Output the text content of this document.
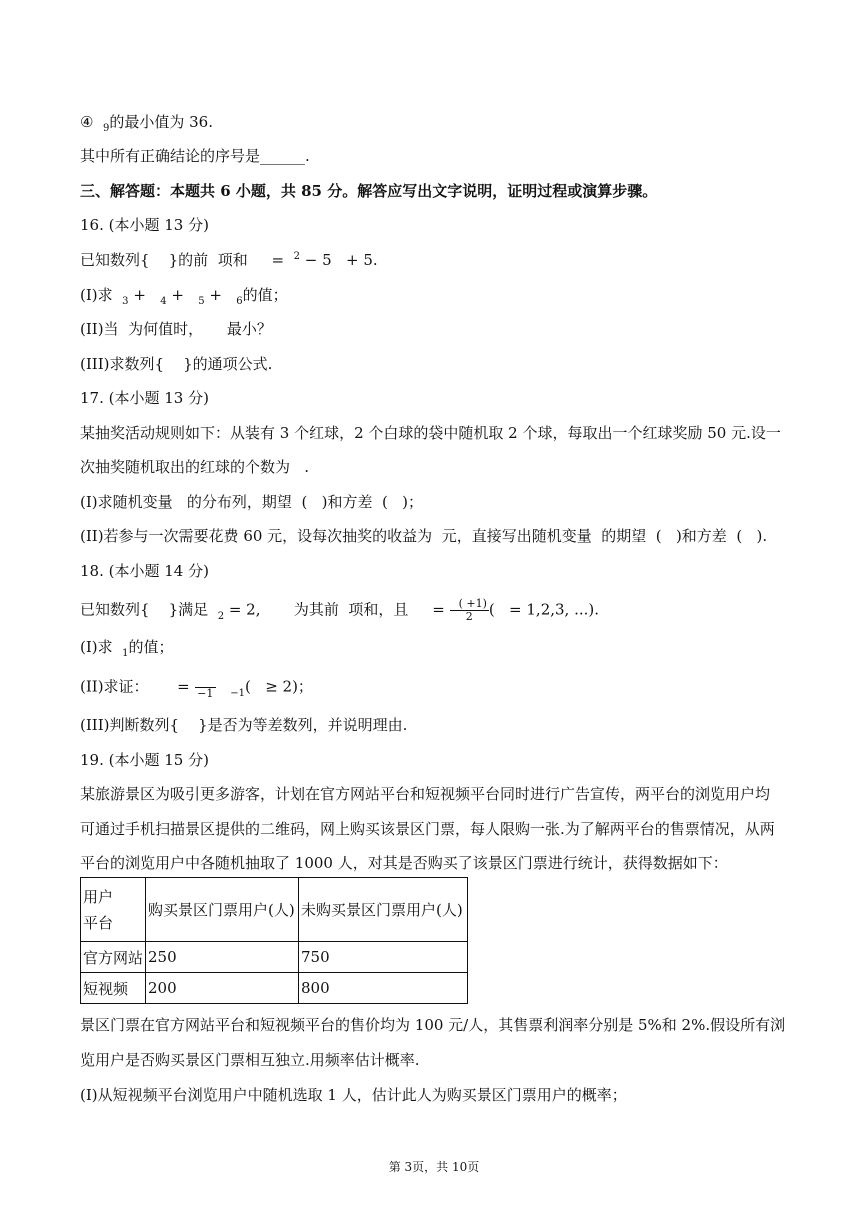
④  $_9$的最小值为 36.
其中所有正确结论的序号是______.
三、解答题：本题共 6 小题，共 85 分。解答应写出文字说明，证明过程或演算步骤。
16. (本小题 13 分)
已知数列{    }的前  项和     =  $^2$ − 5   + 5.
(I)求  $_3$ +   $_4$ +   $_5$ +   $_6$的值；
(II)当  为何值时，     最小？
(III)求数列{    }的通项公式.
17. (本小题 13 分)
某抽奖活动规则如下：从装有 3 个红球，2 个白球的袋中随机取 2 个球，每取出一个红球奖励 50 元.设一
次抽奖随机取出的红球的个数为   .
(I)求随机变量   的分布列，期望  (   )和方差  (   )；
(II)若参与一次需要花费 60 元，设每次抽奖的收益为  元，直接写出随机变量  的期望  (   )和方差  (   ).
18. (本小题 14 分)
已知数列{    }满足  $_2$ = 2,       为其前  项和，且     = $\frac{( +1)}{2}$ (   = 1,2,3, ...).
(I)求  $_1$的值；
(II)求证：      =
−1 $_{-1}$(   ≥ 2)；
(III)判断数列{    }是否为等差数列，并说明理由.
19. (本小题 15 分)
某旅游景区为吸引更多游客，计划在官方网站平台和短视频平台同时进行广告宣传，两平台的浏览用户均
可通过手机扫描景区提供的二维码，网上购买该景区门票，每人限购一张.为了解两平台的售票情况，从两
平台的浏览用户中各随机抽取了 1000 人，对其是否购买了该景区门票进行统计，获得数据如下：
用户
平台	购买景区门票用户(人)	未购买景区门票用户(人)
官方网站	250	750
短视频	200	800
景区门票在官方网站平台和短视频平台的售价均为 100 元/人，其售票利润率分别是 5%和 2%.假设所有浏
览用户是否购买景区门票相互独立.用频率估计概率.
(I)从短视频平台浏览用户中随机选取 1 人，估计此人为购买景区门票用户的概率；
第 3页，共 10页
